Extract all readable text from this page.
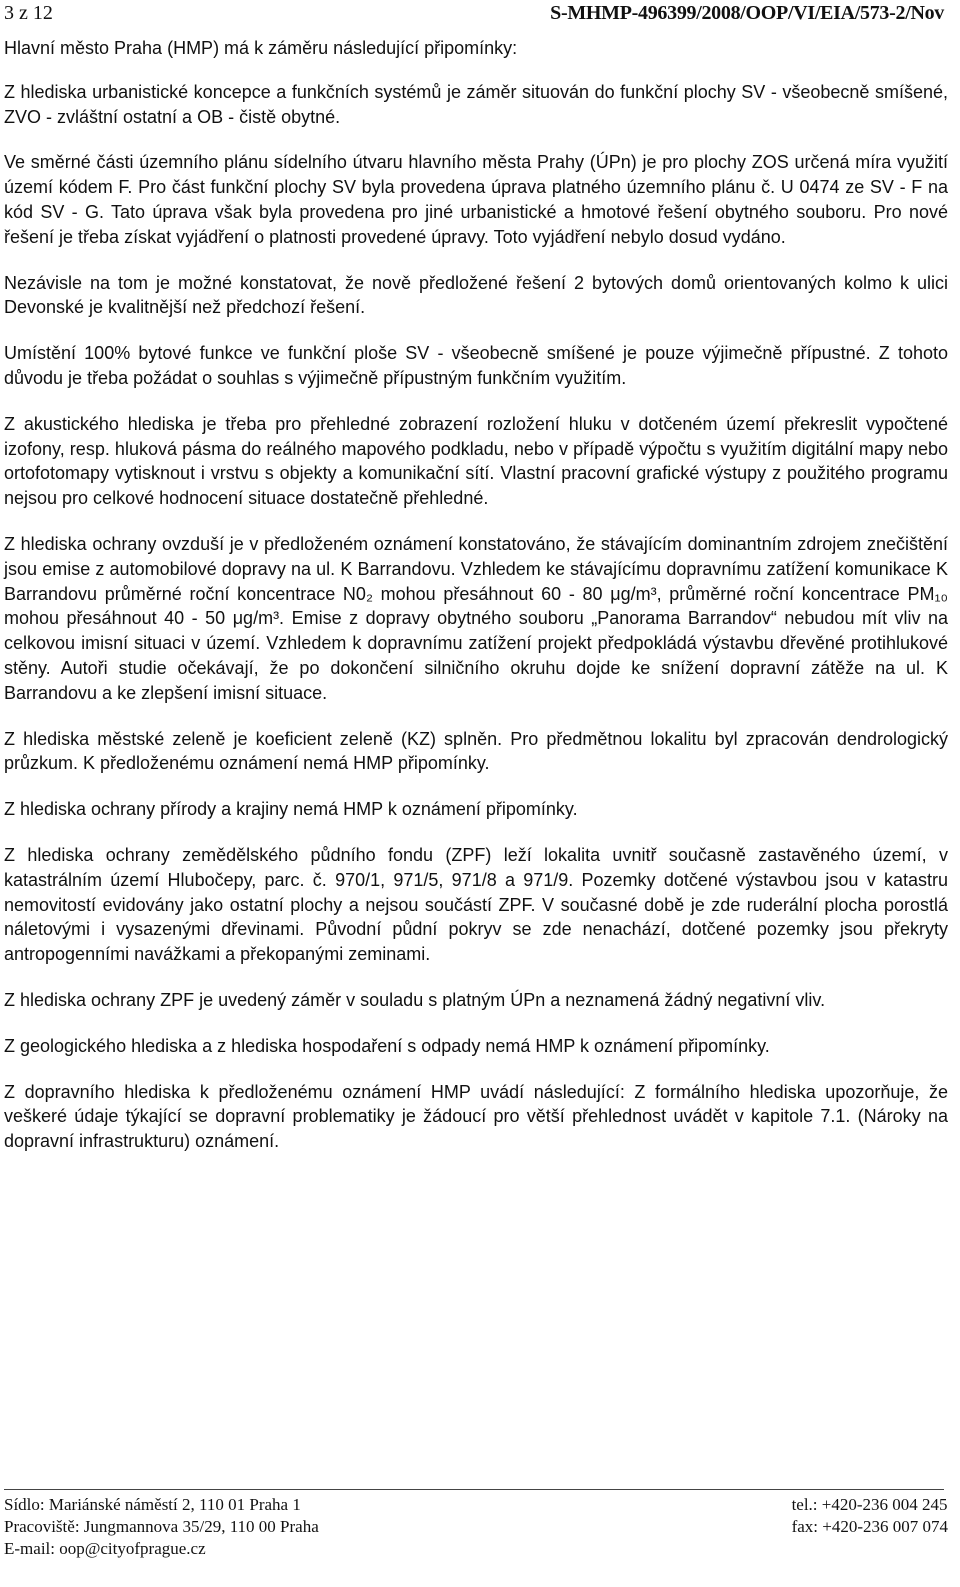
3 z 12	S-MHMP-496399/2008/OOP/VI/EIA/573-2/Nov

Hlavní město Praha (HMP) má k záměru následující připomínky:

Z hlediska urbanistické koncepce a funkčních systémů je záměr situován do funkční plochy SV - všeobecně smíšené, ZVO - zvláštní ostatní a OB - čistě obytné.

Ve směrné části územního plánu sídelního útvaru hlavního města Prahy (ÚPn) je pro plochy ZOS určená míra využití území kódem F. Pro část funkční plochy SV byla provedena úprava platného územního plánu č. U 0474 ze SV - F na kód SV - G. Tato úprava však byla provedena pro jiné urbanistické a hmotové řešení obytného souboru. Pro nové řešení je třeba získat vyjádření o platnosti provedené úpravy. Toto vyjádření nebylo dosud vydáno.

Nezávisle na tom je možné konstatovat, že nově předložené řešení 2 bytových domů orientovaných kolmo k ulici Devonské je kvalitnější než předchozí řešení.

Umístění 100% bytové funkce ve funkční ploše SV - všeobecně smíšené je pouze výjimečně přípustné. Z tohoto důvodu je třeba požádat o souhlas s výjimečně přípustným funkčním využitím.

Z akustického hlediska je třeba pro přehledné zobrazení rozložení hluku v dotčeném území překreslit vypočtené izofony, resp. hluková pásma do reálného mapového podkladu, nebo v případě výpočtu s využitím digitální mapy nebo ortofotomapy vytisknout i vrstvu s objekty a komunikační sítí. Vlastní pracovní grafické výstupy z použitého programu nejsou pro celkové hodnocení situace dostatečně přehledné.

Z hlediska ochrany ovzduší je v předloženém oznámení konstatováno, že stávajícím dominantním zdrojem znečištění jsou emise z automobilové dopravy na ul. K Barrandovu. Vzhledem ke stávajícímu dopravnímu zatížení komunikace K Barrandovu průměrné roční koncentrace N0₂ mohou přesáhnout 60 - 80 μg/m³, průměrné roční koncentrace PM₁₀ mohou přesáhnout 40 - 50 μg/m³. Emise z dopravy obytného souboru „Panorama Barrandov“ nebudou mít vliv na celkovou imisní situaci v území. Vzhledem k dopravnímu zatížení projekt předpokládá výstavbu dřevěné protihlukové stěny. Autoři studie očekávají, že po dokončení silničního okruhu dojde ke snížení dopravní zátěže na ul. K Barrandovu a ke zlepšení imisní situace.

Z hlediska městské zeleně je koeficient zeleně (KZ) splněn. Pro předmětnou lokalitu byl zpracován dendrologický průzkum. K předloženému oznámení nemá HMP připomínky.

Z hlediska ochrany přírody a krajiny nemá HMP k oznámení připomínky.

Z hlediska ochrany zemědělského půdního fondu (ZPF) leží lokalita uvnitř současně zastavěného území, v katastrálním území Hlubočepy, parc. č. 970/1, 971/5, 971/8 a 971/9. Pozemky dotčené výstavbou jsou v katastru nemovitostí evidovány jako ostatní plochy a nejsou součástí ZPF. V současné době je zde ruderální plocha porostlá náletovými i vysazenými dřevinami. Původní půdní pokryv se zde nenachází, dotčené pozemky jsou překryty antropogenními navážkami a překopanými zeminami.

Z hlediska ochrany ZPF je uvedený záměr v souladu s platným ÚPn a neznamená žádný negativní vliv.

Z geologického hlediska a z hlediska hospodaření s odpady nemá HMP k oznámení připomínky.

Z dopravního hlediska k předloženému oznámení HMP uvádí následující: Z formálního hlediska upozorňuje, že veškeré údaje týkající se dopravní problematiky je žádoucí pro větší přehlednost uvádět v kapitole 7.1. (Nároky na dopravní infrastrukturu) oznámení.

Sídlo: Mariánské náměstí 2, 110 01 Praha 1
Pracoviště: Jungmannova 35/29, 110 00 Praha
E-mail: oop@cityofprague.cz
tel.: +420-236 004 245
fax: +420-236 007 074
